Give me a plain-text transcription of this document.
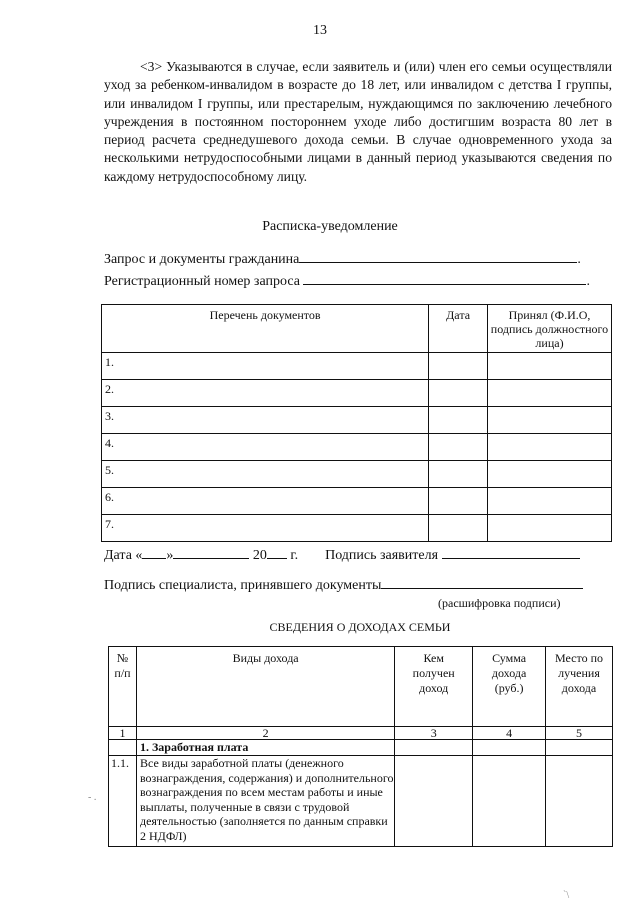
13
<3> Указываются в случае, если заявитель и (или) член его семьи осуществляли уход за ребенком-инвалидом в возрасте до 18 лет, или инвалидом с детства I группы, или инвалидом I группы, или престарелым, нуждающимся по заключению лечебного учреждения в постоянном постороннем уходе либо достигшим возраста 80 лет в период расчета среднедушевого дохода семьи. В случае одновременного ухода за несколькими нетрудоспособными лицами в данный период указываются сведения по каждому нетрудоспособному лицу.
Расписка-уведомление
Запрос и документы гражданина	.
Регистрационный номер запроса	.
Перечень документов	Дата	Принял (Ф.И.О, подпись должностного лица)

1.		
2.		
3.		
4.		
5.		
6.		
7.		
Дата « »	20 г. Подпись заявителя
Подпись специалиста, принявшего документы
(расшифровка подписи)
СВЕДЕНИЯ О ДОХОДАХ СЕМЬИ
№ п/п	Виды дохода	Кем получен доход	Сумма дохода (руб.)	Место получения дохода

1	2	3	4	5
	1. Заработная плата			
1.1.	Все виды заработной платы (денежного вознаграждения, содержания) и дополнительного вознаграждения по всем местам работы и иные выплаты, полученные в связи с трудовой деятельностью (заполняется по данным справки 2 НДФЛ)			
- .
`\
